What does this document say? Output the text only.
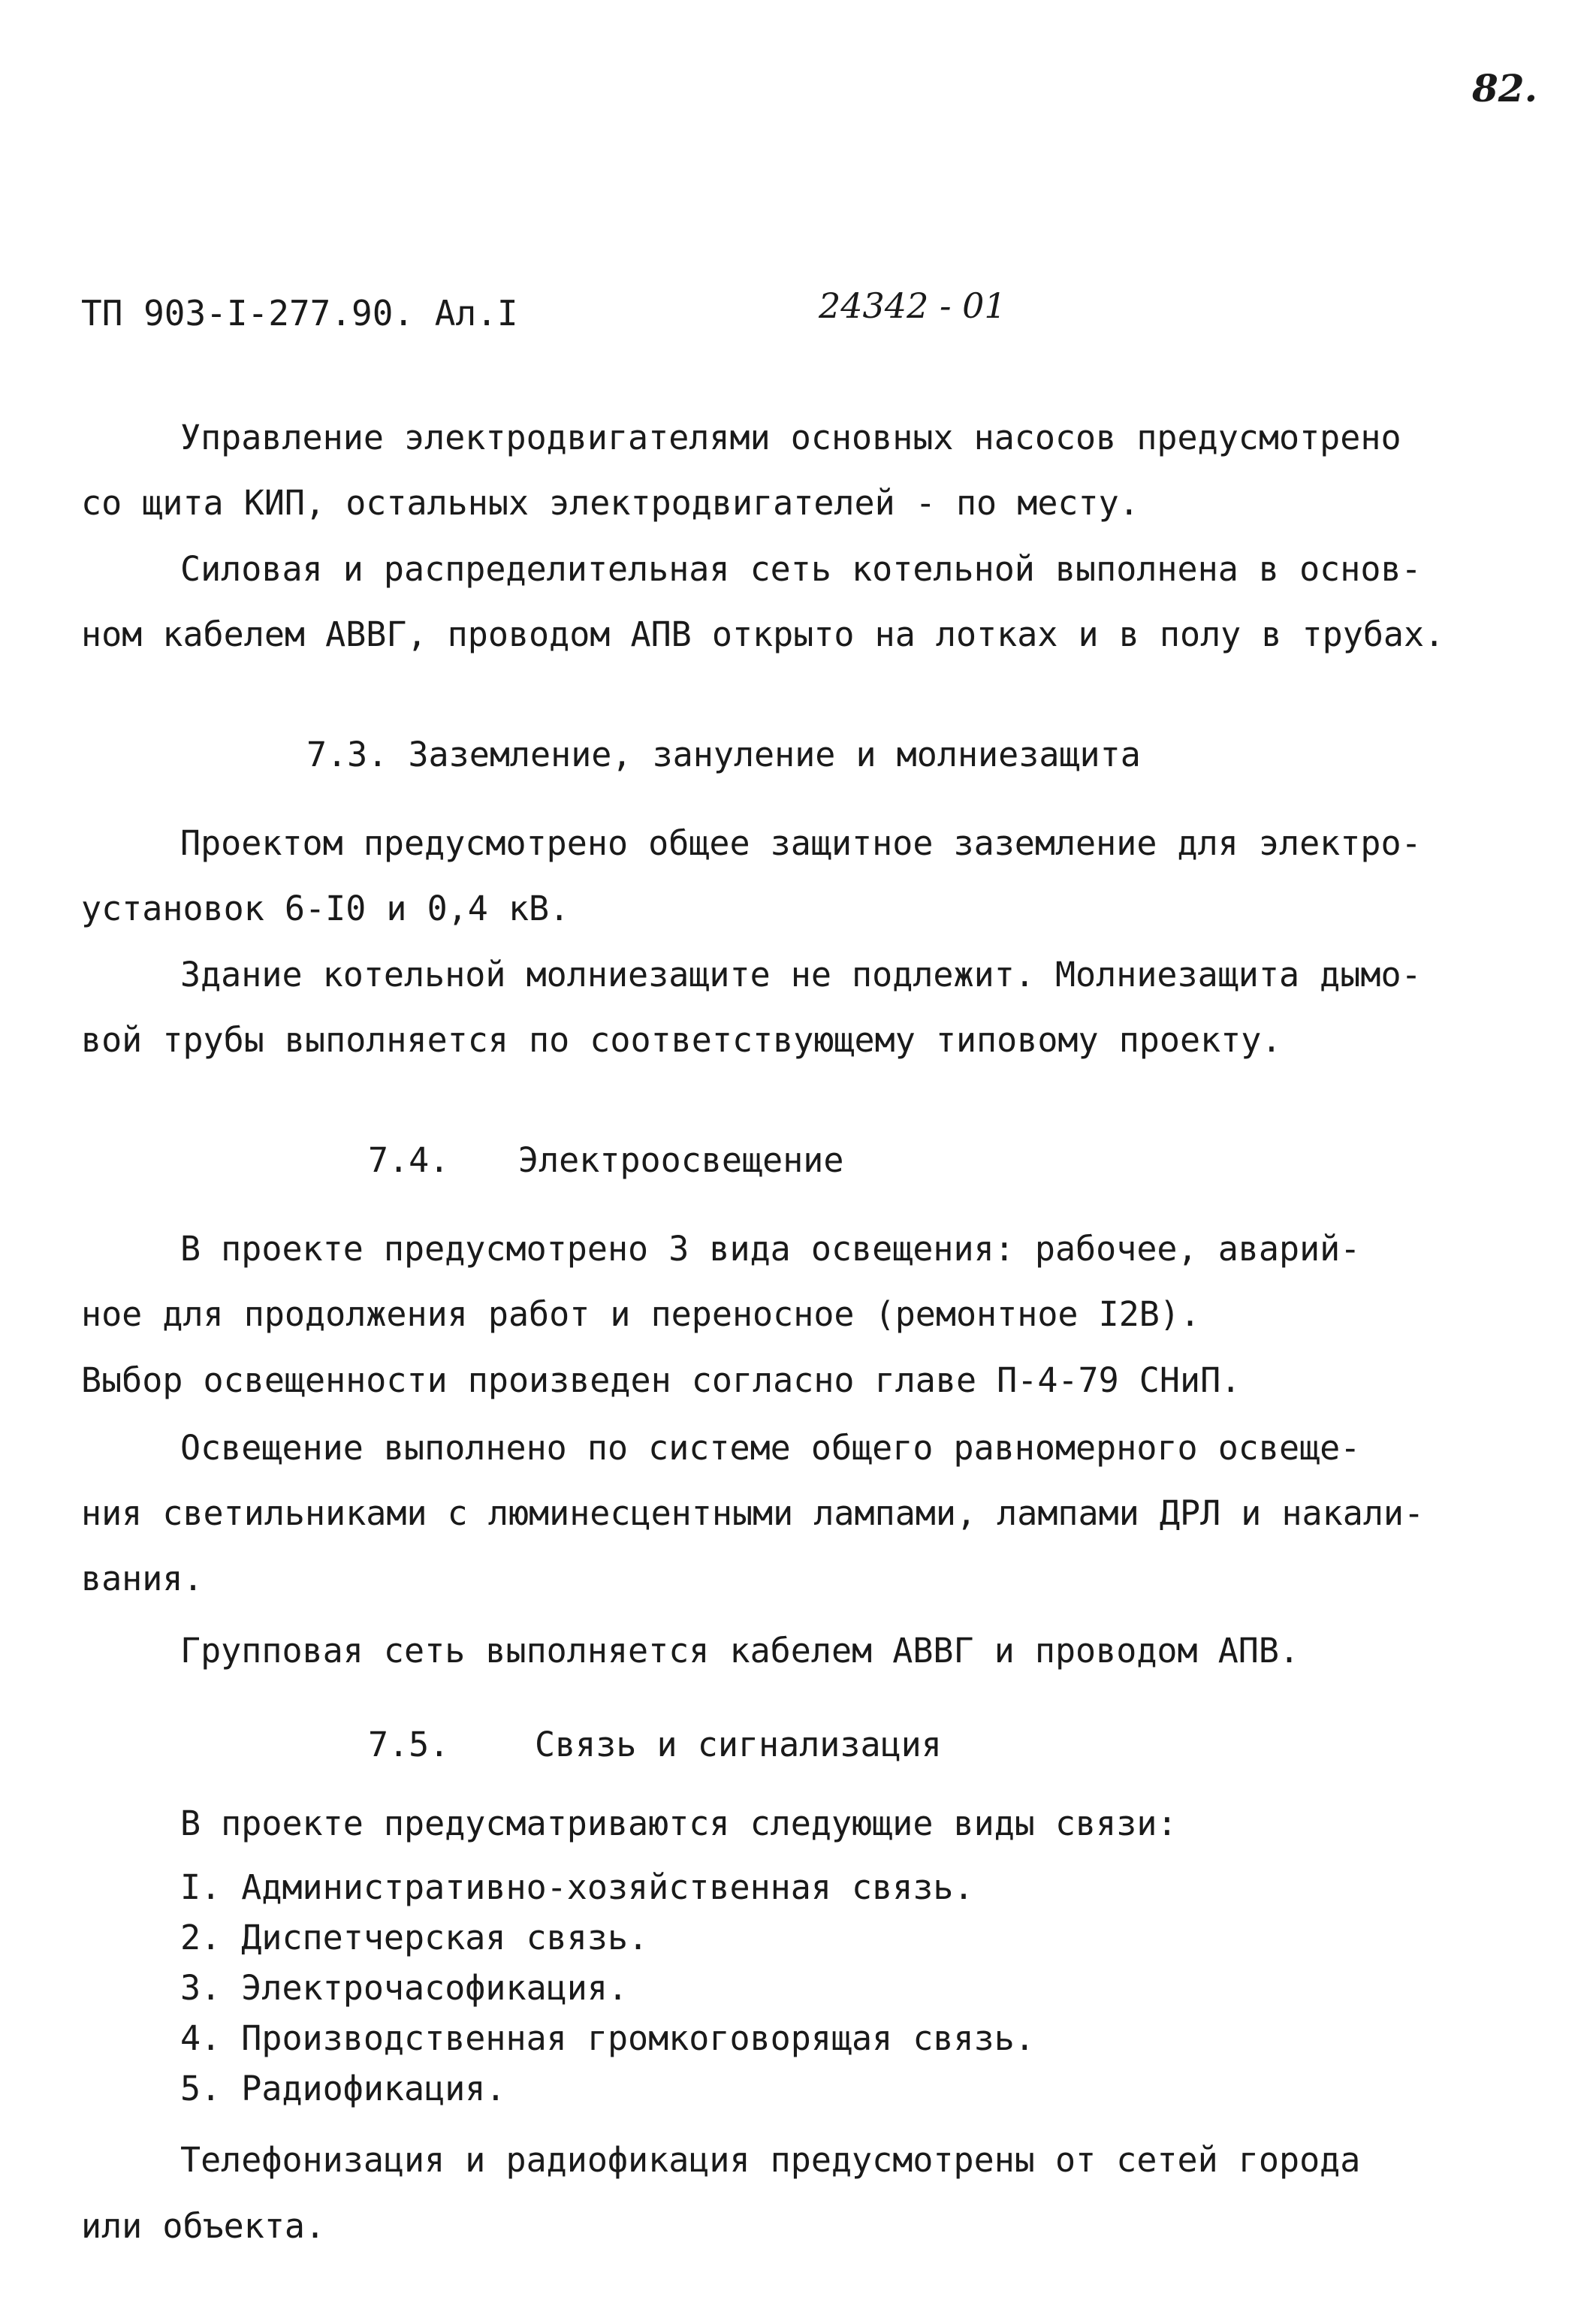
82.
ТП 903-I-277.90. Ал.I	24342 - 01
Управление электродвигателями основных насосов предусмотрено
со щита КИП, остальных электродвигателей - по месту.
Силовая и распределительная сеть котельной выполнена в основ-
ном кабелем АВВГ, проводом АПВ открыто на лотках и в полу в трубах.
7.3. Заземление, зануление и молниезащита
Проектом предусмотрено общее защитное заземление для электро-
установок 6-I0 и 0,4 кВ.
Здание котельной молниезащите не подлежит. Молниезащита дымо-
вой трубы выполняется по соответствующему типовому проекту.
7.4. Электроосвещение
В проекте предусмотрено 3 вида освещения: рабочее, аварий-
ное для продолжения работ и переносное (ремонтное I2В).
Выбор освещенности произведен согласно главе П-4-79 СНиП.
Освещение выполнено по системе общего равномерного освеще-
ния светильниками с люминесцентными лампами, лампами ДРЛ и накали-
вания.
Групповая сеть выполняется кабелем АВВГ и проводом АПВ.
7.5.	Связь и сигнализация
В проекте предусматриваются следующие виды связи:
I. Административно-хозяйственная связь.
2. Диспетчерская связь.
3. Электрочасофикация.
4. Производственная громкоговорящая связь.
5. Радиофикация.
Телефонизация и радиофикация предусмотрены от сетей города
или объекта.
